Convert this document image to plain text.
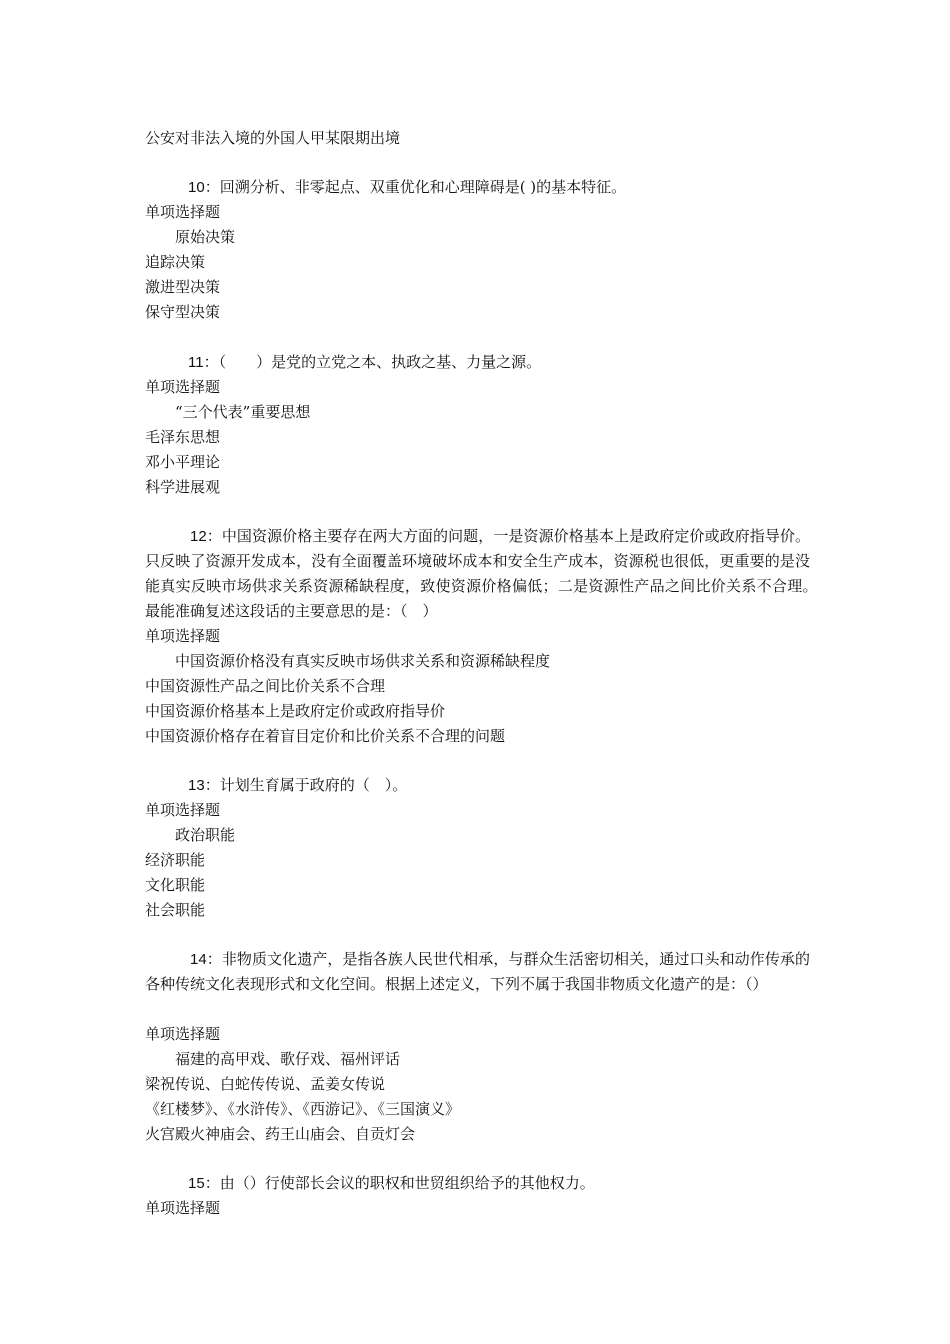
公安对非法入境的外国人甲某限期出境
10：回溯分析、非零起点、双重优化和心理障碍是( )的基本特征。
单项选择题
原始决策
追踪决策
激进型决策
保守型决策
11：（　　）是党的立党之本、执政之基、力量之源。
单项选择题
“三个代表”重要思想
毛泽东思想
邓小平理论
科学进展观
12：中国资源价格主要存在两大方面的问题，一是资源价格基本上是政府定价或政府指导价。只反映了资源开发成本，没有全面覆盖环境破坏成本和安全生产成本，资源税也很低，更重要的是没能真实反映市场供求关系资源稀缺程度，致使资源价格偏低；二是资源性产品之间比价关系不合理。　　最能准确复述这段话的主要意思的是：（　）
单项选择题
中国资源价格没有真实反映市场供求关系和资源稀缺程度
中国资源性产品之间比价关系不合理
中国资源价格基本上是政府定价或政府指导价
中国资源价格存在着盲目定价和比价关系不合理的问题
13：计划生育属于政府的（　）。
单项选择题
政治职能
经济职能
文化职能
社会职能
14：非物质文化遗产，是指各族人民世代相承，与群众生活密切相关，通过口头和动作传承的各种传统文化表现形式和文化空间。根据上述定义，下列不属于我国非物质文化遗产的是：（）
单项选择题
福建的高甲戏、歌仔戏、福州评话
梁祝传说、白蛇传传说、孟姜女传说
《红楼梦》、《水浒传》、《西游记》、《三国演义》
火宫殿火神庙会、药王山庙会、自贡灯会
15：由（）行使部长会议的职权和世贸组织给予的其他权力。
单项选择题
